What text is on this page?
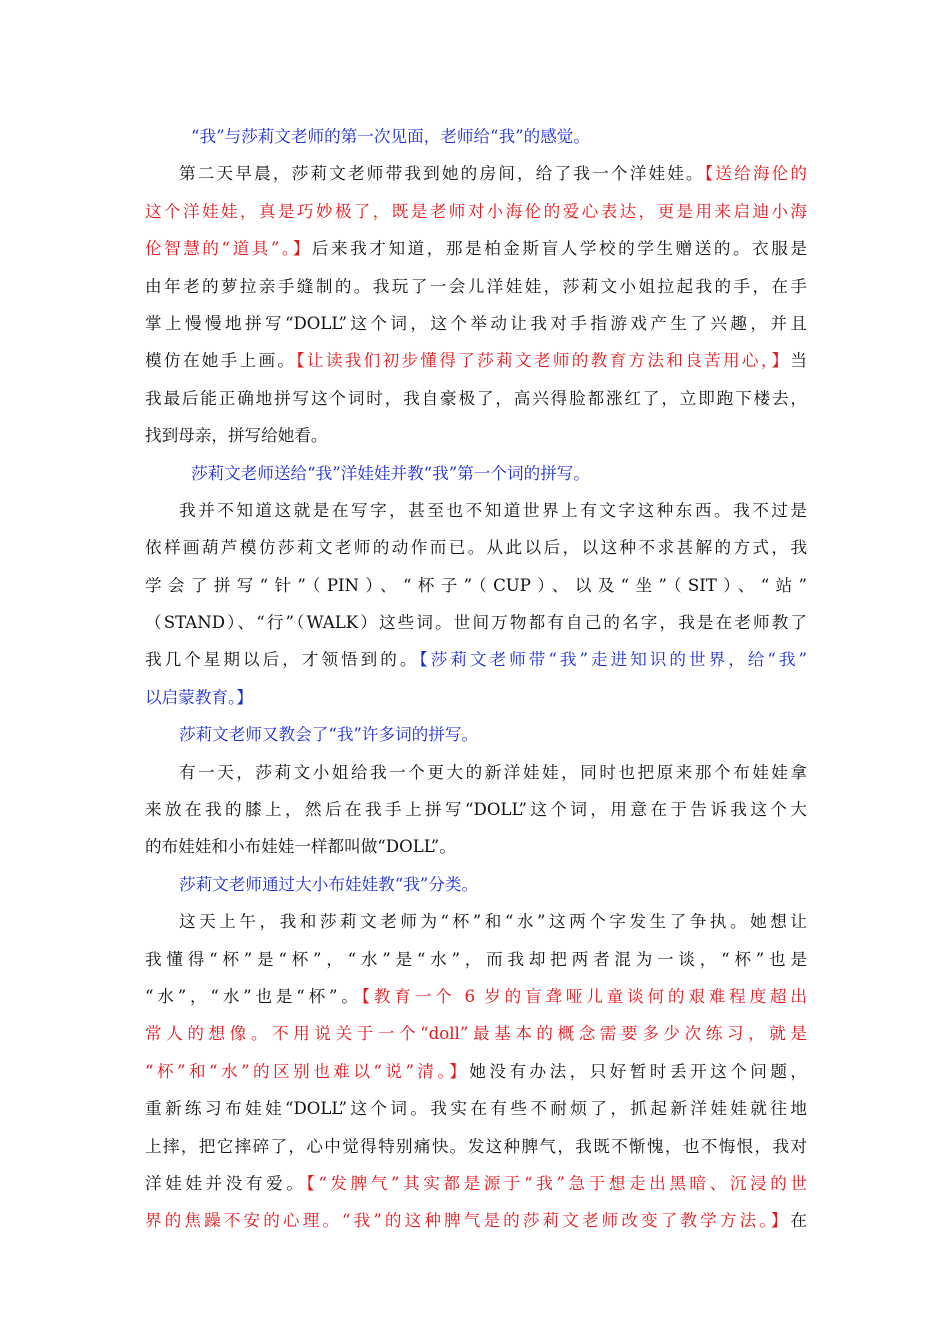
“我”与莎莉文老师的第一次见面，老师给“我”的感觉。
第二天早晨，莎莉文老师带我到她的房间，给了我一个洋娃娃。【送给海伦的
这个洋娃娃，真是巧妙极了，既是老师对小海伦的爱心表达，更是用来启迪小海
伦智慧的“道具”。】后来我才知道，那是柏金斯盲人学校的学生赠送的。衣服是
由年老的萝拉亲手缝制的。我玩了一会儿洋娃娃，莎莉文小姐拉起我的手，在手
掌上慢慢地拼写“DOLL”这个词，这个举动让我对手指游戏产生了兴趣，并且
模仿在她手上画。【让读我们初步懂得了莎莉文老师的教育方法和良苦用心，】当
我最后能正确地拼写这个词时，我自豪极了，高兴得脸都涨红了，立即跑下楼去，
找到母亲，拼写给她看。
莎莉文老师送给“我”洋娃娃并教“我”第一个词的拼写。
我并不知道这就是在写字，甚至也不知道世界上有文字这种东西。我不过是
依样画葫芦模仿莎莉文老师的动作而已。从此以后，以这种不求甚解的方式，我
学会了拼写“针”（PIN）、“杯子”（CUP）、以及“坐”（SIT）、“站”
（STAND）、“行”（WALK）这些词。世间万物都有自己的名字，我是在老师教了
我几个星期以后，才领悟到的。【莎莉文老师带“我”走进知识的世界，给“我”
以启蒙教育。】
莎莉文老师又教会了“我”许多词的拼写。
有一天，莎莉文小姐给我一个更大的新洋娃娃，同时也把原来那个布娃娃拿
来放在我的膝上，然后在我手上拼写“DOLL”这个词，用意在于告诉我这个大
的布娃娃和小布娃娃一样都叫做“DOLL”。
莎莉文老师通过大小布娃娃教“我”分类。
这天上午，我和莎莉文老师为“杯”和“水”这两个字发生了争执。她想让
我懂得“杯”是“杯”，“水”是“水”，而我却把两者混为一谈，“杯”也是
“水”，“水”也是“杯”。【教育一个 6 岁的盲聋哑儿童谈何的艰难程度超出
常人的想像。不用说关于一个“doll”最基本的概念需要多少次练习，就是
“杯”和“水”的区别也难以“说”清。】她没有办法，只好暂时丢开这个问题，
重新练习布娃娃“DOLL”这个词。我实在有些不耐烦了，抓起新洋娃娃就往地
上摔，把它摔碎了，心中觉得特别痛快。发这种脾气，我既不惭愧，也不悔恨，我对
洋娃娃并没有爱。【“发脾气”其实都是源于“我”急于想走出黑暗、沉浸的世
界的焦躁不安的心理。“我”的这种脾气是的莎莉文老师改变了教学方法。】在
